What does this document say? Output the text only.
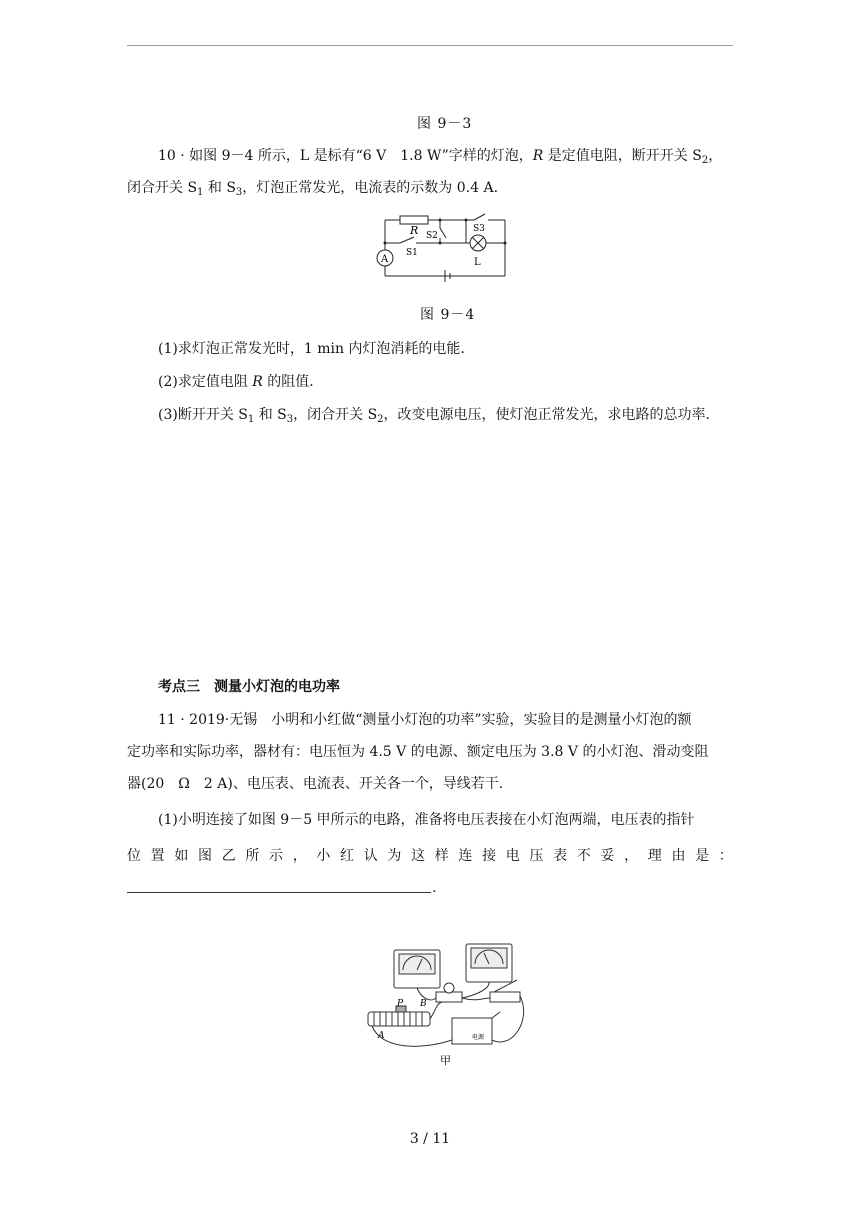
图 9－3
10 · 如图 9－4 所示，L 是标有“6 V　1.8 W”字样的灯泡，R 是定值电阻，断开开关 $S_2$，
闭合开关 $S_1$ 和 $S_3$，灯泡正常发光，电流表的示数为 0.4 A.
R
S1
S2
S3
A	L
图 9－4
(1)求灯泡正常发光时，1 min 内灯泡消耗的电能.
(2)求定值电阻 R 的阻值.
(3)断开开关 $S_1$ 和 $S_3$，闭合开关 $S_2$，改变电源电压，使灯泡正常发光，求电路的总功率.
考点三　测量小灯泡的电功率
11 · 2019·无锡　小明和小红做“测量小灯泡的功率”实验，实验目的是测量小灯泡的额
定功率和实际功率，器材有：电压恒为 4.5 V 的电源、额定电压为 3.8 V 的小灯泡、滑动变阻
器(20　Ω　2 A)、电压表、电流表、开关各一个，导线若干.
(1)小明连接了如图 9－5 甲所示的电路，准备将电压表接在小灯泡两端，电压表的指针
位 置 如 图 乙 所 示 ， 小 红 认 为 这 样 连 接 电 压 表 不 妥 ， 理 由 是 ：
.
P B
A	电源
甲
3 / 11
